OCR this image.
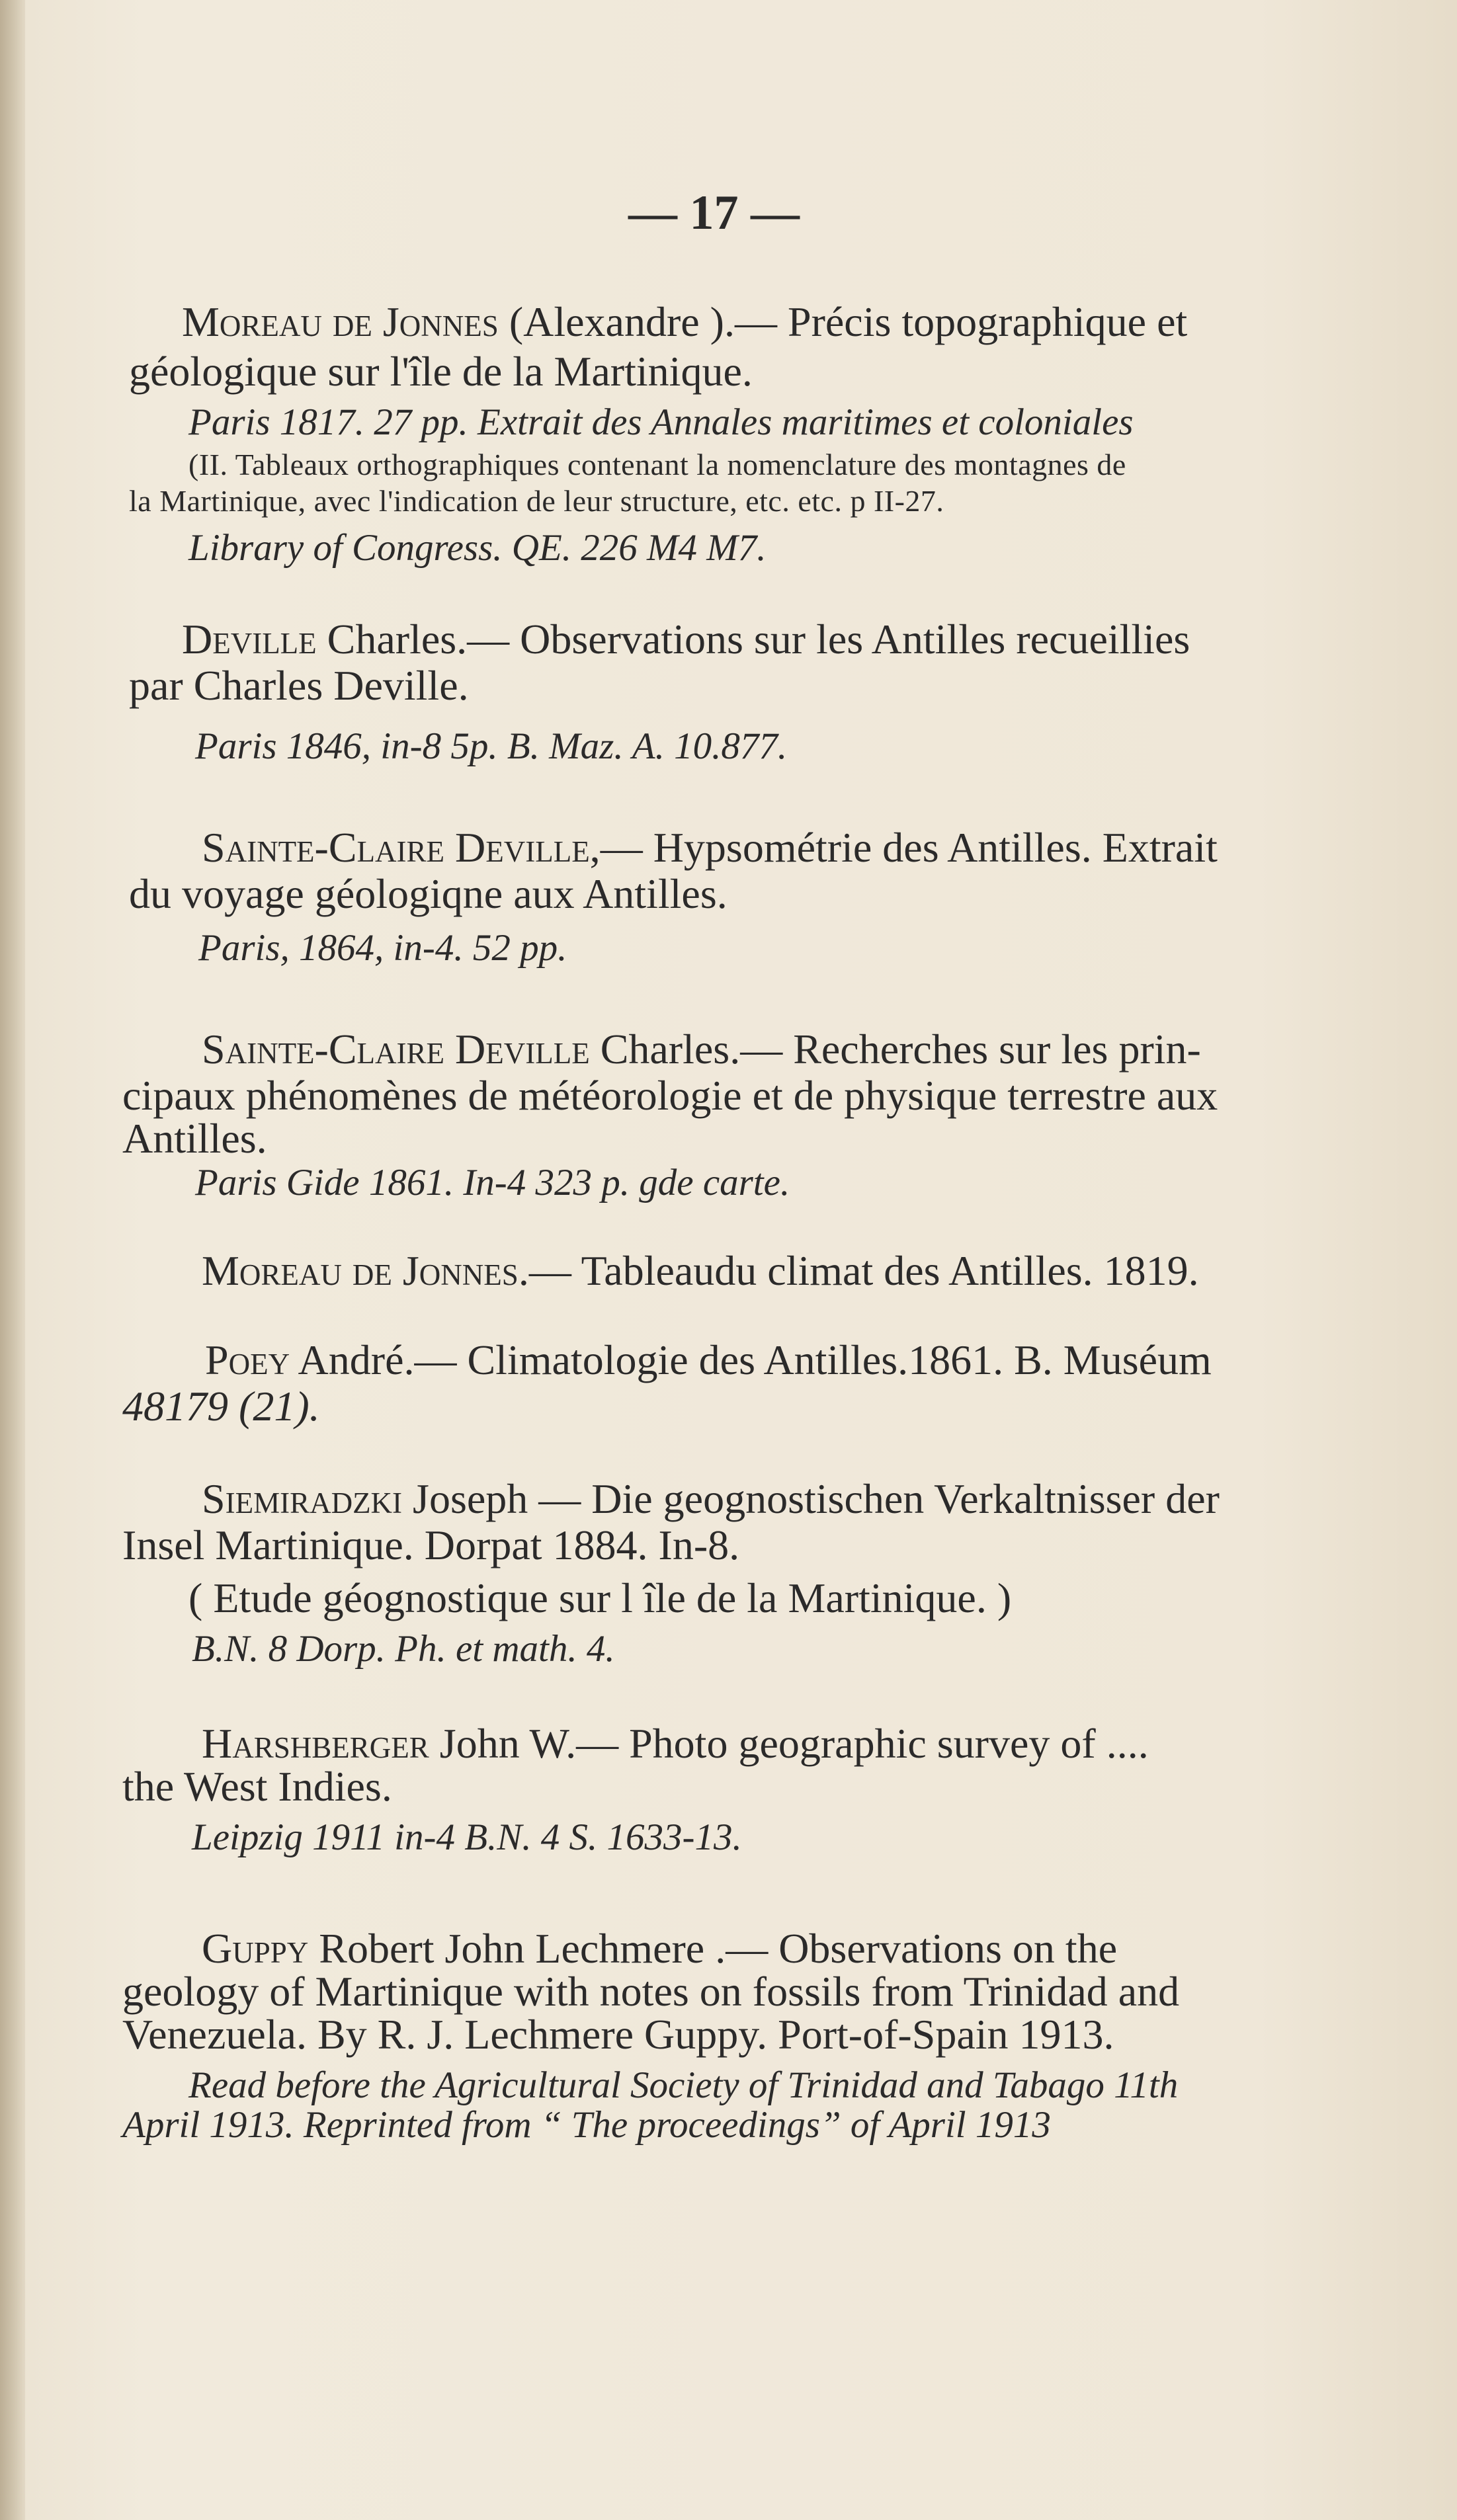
— 17 —
Moreau de Jonnes (Alexandre ).— Précis topographique et
géologique sur l'île de la Martinique.
Paris 1817. 27 pp. Extrait des Annales maritimes et coloniales
(II. Tableaux orthographiques contenant la nomenclature des montagnes de
la Martinique, avec l'indication de leur structure, etc. etc. p II-27.
Library of Congress. QE. 226 M4 M7.
Deville Charles.— Observations sur les Antilles recueillies
par Charles Deville.
Paris 1846, in-8 5p. B. Maz. A. 10.877.
Sainte-Claire Deville,— Hypsométrie des Antilles. Extrait
du voyage géologiqne aux Antilles.
Paris, 1864, in-4. 52 pp.
Sainte-Claire Deville Charles.— Recherches sur les prin-
cipaux phénomènes de météorologie et de physique terrestre aux
Antilles.
Paris Gide 1861. In-4 323 p. gde carte.
Moreau de Jonnes.— Tableaudu climat des Antilles. 1819.
Poey André.— Climatologie des Antilles.1861. B. Muséum
48179 (21).
Siemiradzki Joseph — Die geognostischen Verkaltnisser der
Insel Martinique. Dorpat 1884. In-8.
( Etude géognostique sur l île de la Martinique. )
B.N. 8 Dorp. Ph. et math. 4.
Harshberger John W.— Photo geographic survey of ....
the West Indies.
Leipzig 1911 in-4 B.N. 4 S. 1633-13.
Guppy Robert John Lechmere .— Observations on the
geology of Martinique with notes on fossils from Trinidad and
Venezuela. By R. J. Lechmere Guppy. Port-of-Spain 1913.
Read before the Agricultural Society of Trinidad and Tabago 11th
April 1913. Reprinted from “ The proceedings” of April 1913
